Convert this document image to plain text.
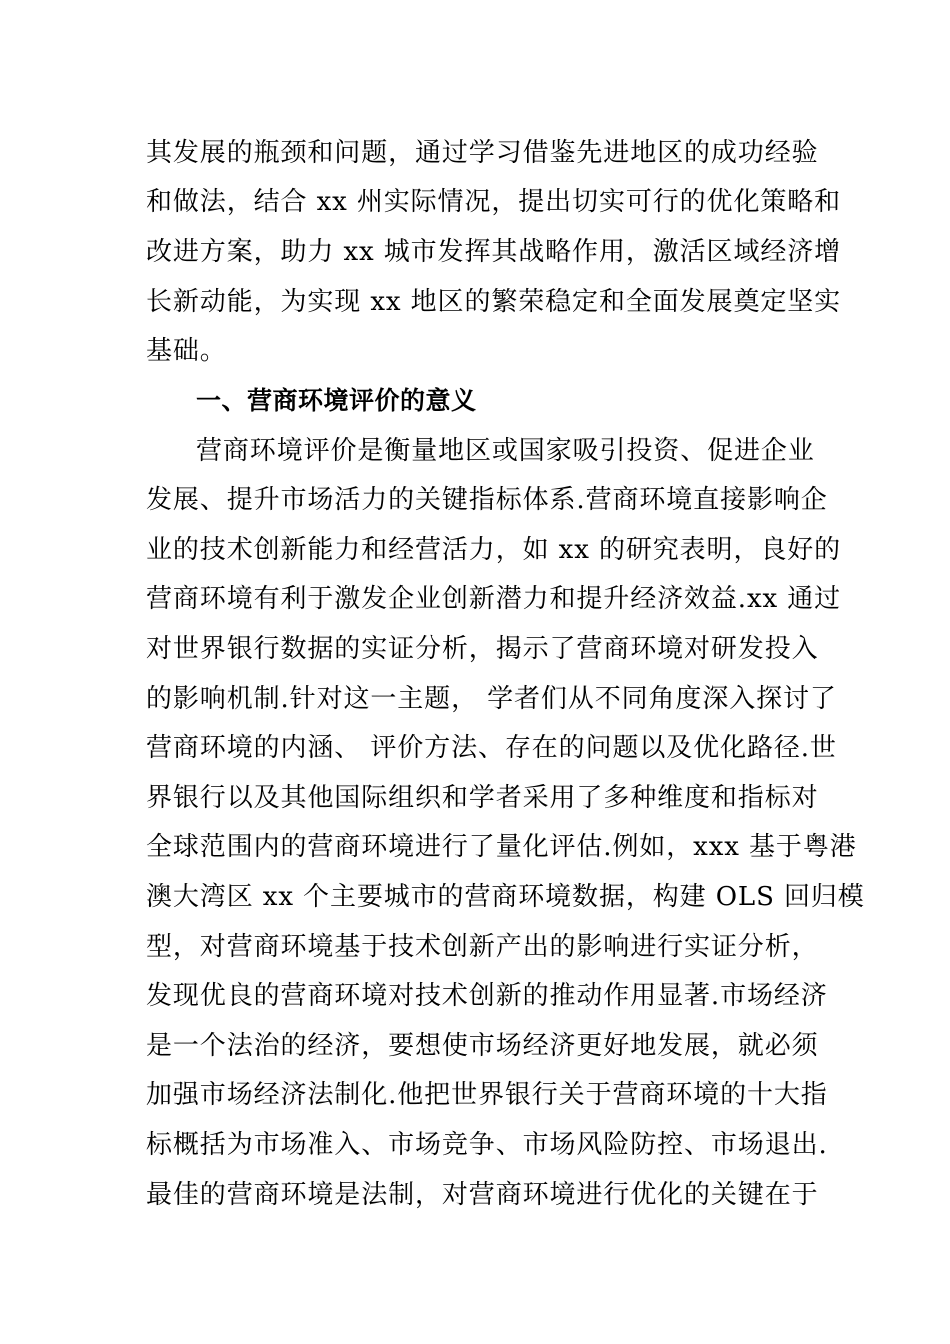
其发展的瓶颈和问题，通过学习借鉴先进地区的成功经验
和做法，结合 xx 州实际情况，提出切实可行的优化策略和
改进方案，助力 xx 城市发挥其战略作用，激活区域经济增
长新动能，为实现 xx 地区的繁荣稳定和全面发展奠定坚实
基础。
一、营商环境评价的意义
营商环境评价是衡量地区或国家吸引投资、促进企业
发展、提升市场活力的关键指标体系.营商环境直接影响企
业的技术创新能力和经营活力，如 xx 的研究表明，良好的
营商环境有利于激发企业创新潜力和提升经济效益.xx 通过
对世界银行数据的实证分析，揭示了营商环境对研发投入
的影响机制.针对这一主题， 学者们从不同角度深入探讨了
营商环境的内涵、 评价方法、存在的问题以及优化路径.世
界银行以及其他国际组织和学者采用了多种维度和指标对
全球范围内的营商环境进行了量化评估.例如，xxx 基于粤港
澳大湾区 xx 个主要城市的营商环境数据，构建 OLS 回归模
型，对营商环境基于技术创新产出的影响进行实证分析，
发现优良的营商环境对技术创新的推动作用显著.市场经济
是一个法治的经济，要想使市场经济更好地发展，就必须
加强市场经济法制化.他把世界银行关于营商环境的十大指
标概括为市场准入、市场竞争、市场风险防控、市场退出.
最佳的营商环境是法制，对营商环境进行优化的关键在于
